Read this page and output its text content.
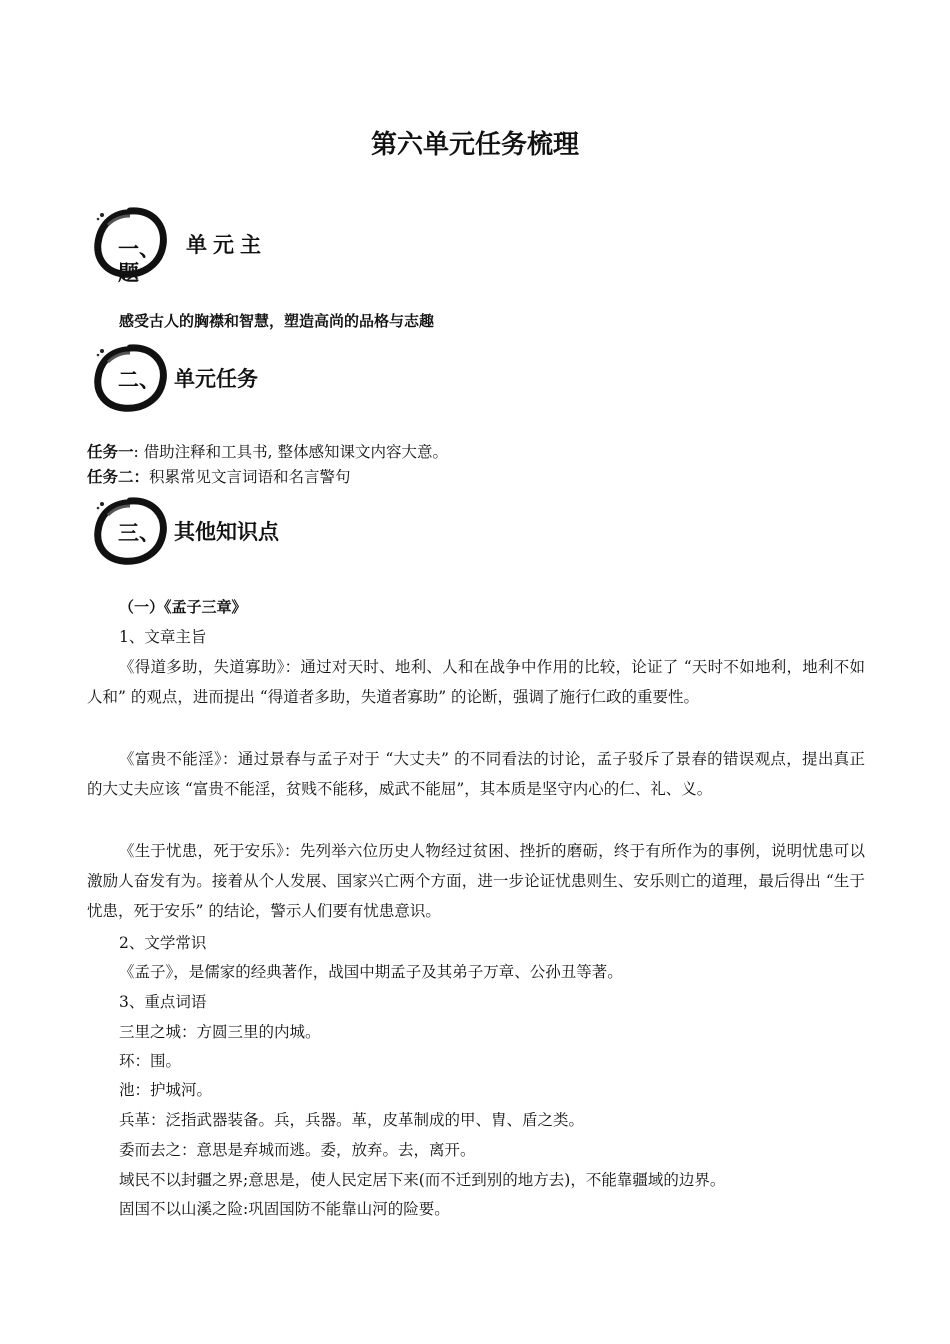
第六单元任务梳理
一、 单元主
题
感受古人的胸襟和智慧，塑造高尚的品格与志趣
二、 单元任务
任务一: 借助注释和工具书, 整体感知课文内容大意。
任务二：积累常见文言词语和名言警句
三、 其他知识点
（一）《孟子三章》
1、文章主旨
《得道多助，失道寡助》：通过对天时、地利、人和在战争中作用的比较，论证了 “天时不如地利，地利不如人和” 的观点，进而提出 “得道者多助，失道者寡助” 的论断，强调了施行仁政的重要性。
《富贵不能淫》：通过景春与孟子对于 “大丈夫” 的不同看法的讨论，孟子驳斥了景春的错误观点，提出真正的大丈夫应该 “富贵不能淫，贫贱不能移，威武不能屈”，其本质是坚守内心的仁、礼、义。
《生于忧患，死于安乐》：先列举六位历史人物经过贫困、挫折的磨砺，终于有所作为的事例，说明忧患可以激励人奋发有为。接着从个人发展、国家兴亡两个方面，进一步论证忧患则生、安乐则亡的道理，最后得出 “生于忧患，死于安乐” 的结论，警示人们要有忧患意识。
2、文学常识
《孟子》，是儒家的经典著作，战国中期孟子及其弟子万章、公孙丑等著。
3、重点词语
三里之城：方圆三里的内城。
环：围。
池：护城河。
兵革：泛指武器装备。兵，兵器。革，皮革制成的甲、胄、盾之类。
委而去之：意思是弃城而逃。委，放弃。去，离开。
域民不以封疆之界;意思是，使人民定居下来(而不迁到别的地方去)，不能靠疆域的边界。
固国不以山溪之险:巩固国防不能靠山河的险要。
